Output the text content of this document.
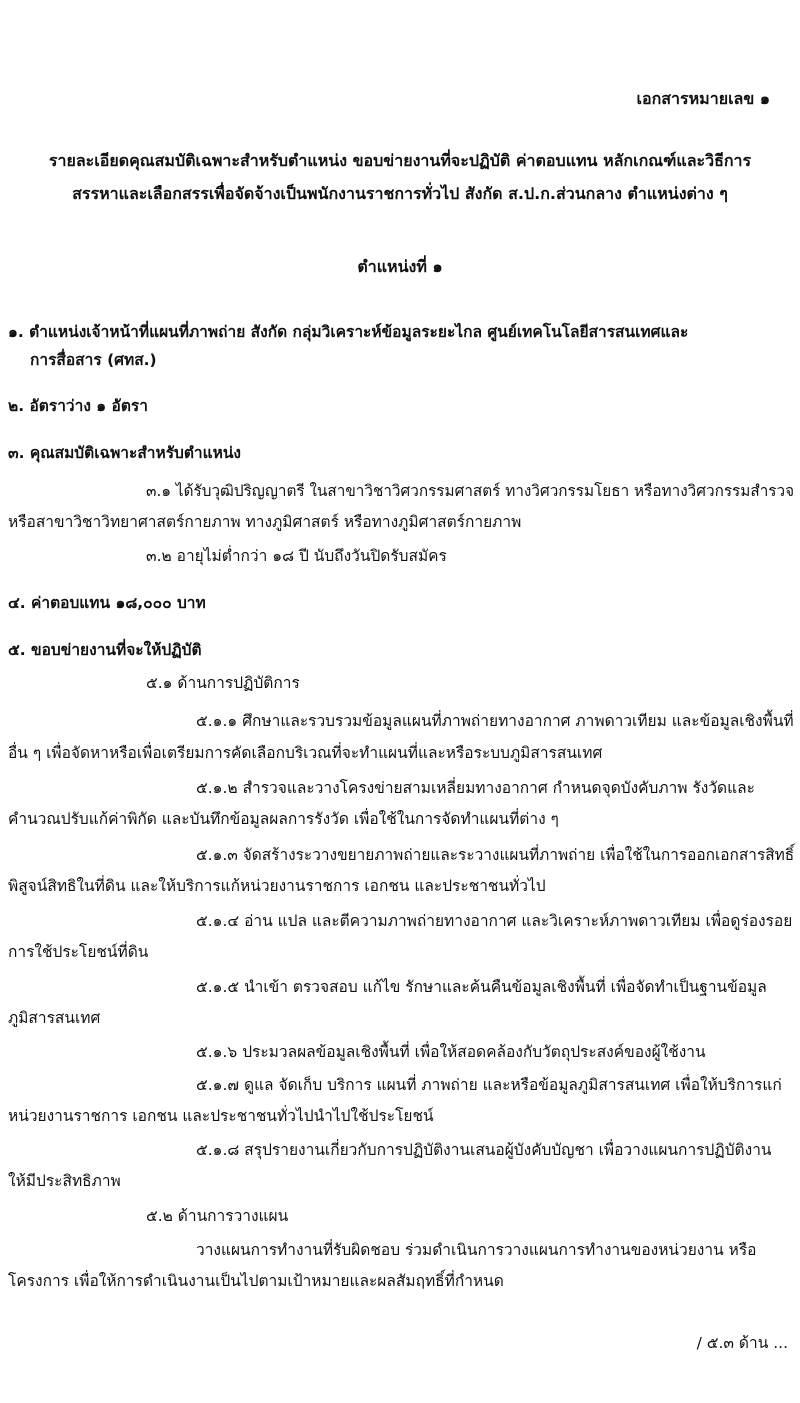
เอกสารหมายเลข ๑
รายละเอียดคุณสมบัติเฉพาะสำหรับตำแหน่ง ขอบข่ายงานที่จะปฏิบัติ ค่าตอบแทน หลักเกณฑ์และวิธีการ
สรรหาและเลือกสรรเพื่อจัดจ้างเป็นพนักงานราชการทั่วไป สังกัด ส.ป.ก.ส่วนกลาง ตำแหน่งต่าง ๆ
ตำแหน่งที่ ๑
๑. ตำแหน่งเจ้าหน้าที่แผนที่ภาพถ่าย สังกัด กลุ่มวิเคราะห์ข้อมูลระยะไกล ศูนย์เทคโนโลยีสารสนเทศและ
การสื่อสาร (ศทส.)
๒. อัตราว่าง ๑ อัตรา
๓. คุณสมบัติเฉพาะสำหรับตำแหน่ง
๓.๑ ได้รับวุฒิปริญญาตรี ในสาขาวิชาวิศวกรรมศาสตร์ ทางวิศวกรรมโยธา หรือทางวิศวกรรมสำรวจ
หรือสาขาวิชาวิทยาศาสตร์กายภาพ ทางภูมิศาสตร์ หรือทางภูมิศาสตร์กายภาพ
๓.๒ อายุไม่ต่ำกว่า ๑๘ ปี นับถึงวันปิดรับสมัคร
๔. ค่าตอบแทน ๑๘,๐๐๐ บาท
๕. ขอบข่ายงานที่จะให้ปฏิบัติ
๕.๑ ด้านการปฏิบัติการ
๕.๑.๑ ศึกษาและรวบรวมข้อมูลแผนที่ภาพถ่ายทางอากาศ ภาพดาวเทียม และข้อมูลเชิงพื้นที่
อื่น ๆ เพื่อจัดหาหรือเพื่อเตรียมการคัดเลือกบริเวณที่จะทำแผนที่และหรือระบบภูมิสารสนเทศ
๕.๑.๒ สำรวจและวางโครงข่ายสามเหลี่ยมทางอากาศ กำหนดจุดบังคับภาพ รังวัดและ
คำนวณปรับแก้ค่าพิกัด และบันทึกข้อมูลผลการรังวัด เพื่อใช้ในการจัดทำแผนที่ต่าง ๆ
๕.๑.๓ จัดสร้างระวางขยายภาพถ่ายและระวางแผนที่ภาพถ่าย เพื่อใช้ในการออกเอกสารสิทธิ์
พิสูจน์สิทธิในที่ดิน และให้บริการแก้หน่วยงานราชการ เอกชน และประชาชนทั่วไป
๕.๑.๔ อ่าน แปล และตีความภาพถ่ายทางอากาศ และวิเคราะห์ภาพดาวเทียม เพื่อดูร่องรอย
การใช้ประโยชน์ที่ดิน
๕.๑.๕ นำเข้า ตรวจสอบ แก้ไข รักษาและค้นคืนข้อมูลเชิงพื้นที่ เพื่อจัดทำเป็นฐานข้อมูล
ภูมิสารสนเทศ
๕.๑.๖ ประมวลผลข้อมูลเชิงพื้นที่ เพื่อให้สอดคล้องกับวัตถุประสงค์ของผู้ใช้งาน
๕.๑.๗ ดูแล จัดเก็บ บริการ แผนที่ ภาพถ่าย และหรือข้อมูลภูมิสารสนเทศ เพื่อให้บริการแก่
หน่วยงานราชการ เอกชน และประชาชนทั่วไปนำไปใช้ประโยชน์
๕.๑.๘ สรุปรายงานเกี่ยวกับการปฏิบัติงานเสนอผู้บังคับบัญชา เพื่อวางแผนการปฏิบัติงาน
ให้มีประสิทธิภาพ
๕.๒ ด้านการวางแผน
วางแผนการทำงานที่รับผิดชอบ ร่วมดำเนินการวางแผนการทำงานของหน่วยงาน หรือ
โครงการ เพื่อให้การดำเนินงานเป็นไปตามเป้าหมายและผลสัมฤทธิ์ที่กำหนด
/ ๕.๓ ด้าน ...
